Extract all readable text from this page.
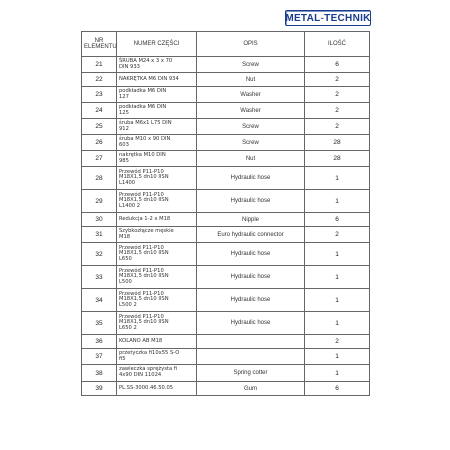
METAL - TECHNIK
NR ELEMENTU	NUMER CZĘŚCI	OPIS	ILOŚĆ
21	ŚRUBA M24 x 3 x 70
DIN 933	Screw	6
22	NAKRĘTKA M6 DIN 934	Nut	2
23	podkładka M6 DIN
127	Washer	2
24	podkładka M6 DIN
125	Washer	2
25	śruba M6x1 L75 DIN
912	Screw	2
26	śruba M10 x 90 DIN
603	Screw	28
27	nakrętka M10 DIN
985	Nut	28
28	Przewód P11-P10
M18X1,5 dn10 IISN
L1400	Hydraulic hose	1
29	Przewód P11-P10
M18X1,5 dn10 IISN
L1400 2	Hydraulic hose	1
30	Redukcja 1-2 x M18	Nipple	6
31	Szybkozłącze męskie
M18	Euro hydraulic connector	2
32	Przewód P11-P10
M18X1,5 dn10 IISN
L650	Hydraulic hose	1
33	Przewód P11-P10
M18X1,5 dn10 IISN
L500	Hydraulic hose	1
34	Przewód P11-P10
M18X1,5 dn10 IISN
L500 2	Hydraulic hose	1
35	Przewód P11-P10
M18X1,5 dn10 IISN
L650 2	Hydraulic hose	1
36	KOLANO AB M18		2
37	przetyczka fi10x55 S-O
fi5		1
38	zawleczka sprężysta fi
4x90 DIN 11024	Spring cotter	1
39	PL.SS-3000.46.50.05	Gum	6
